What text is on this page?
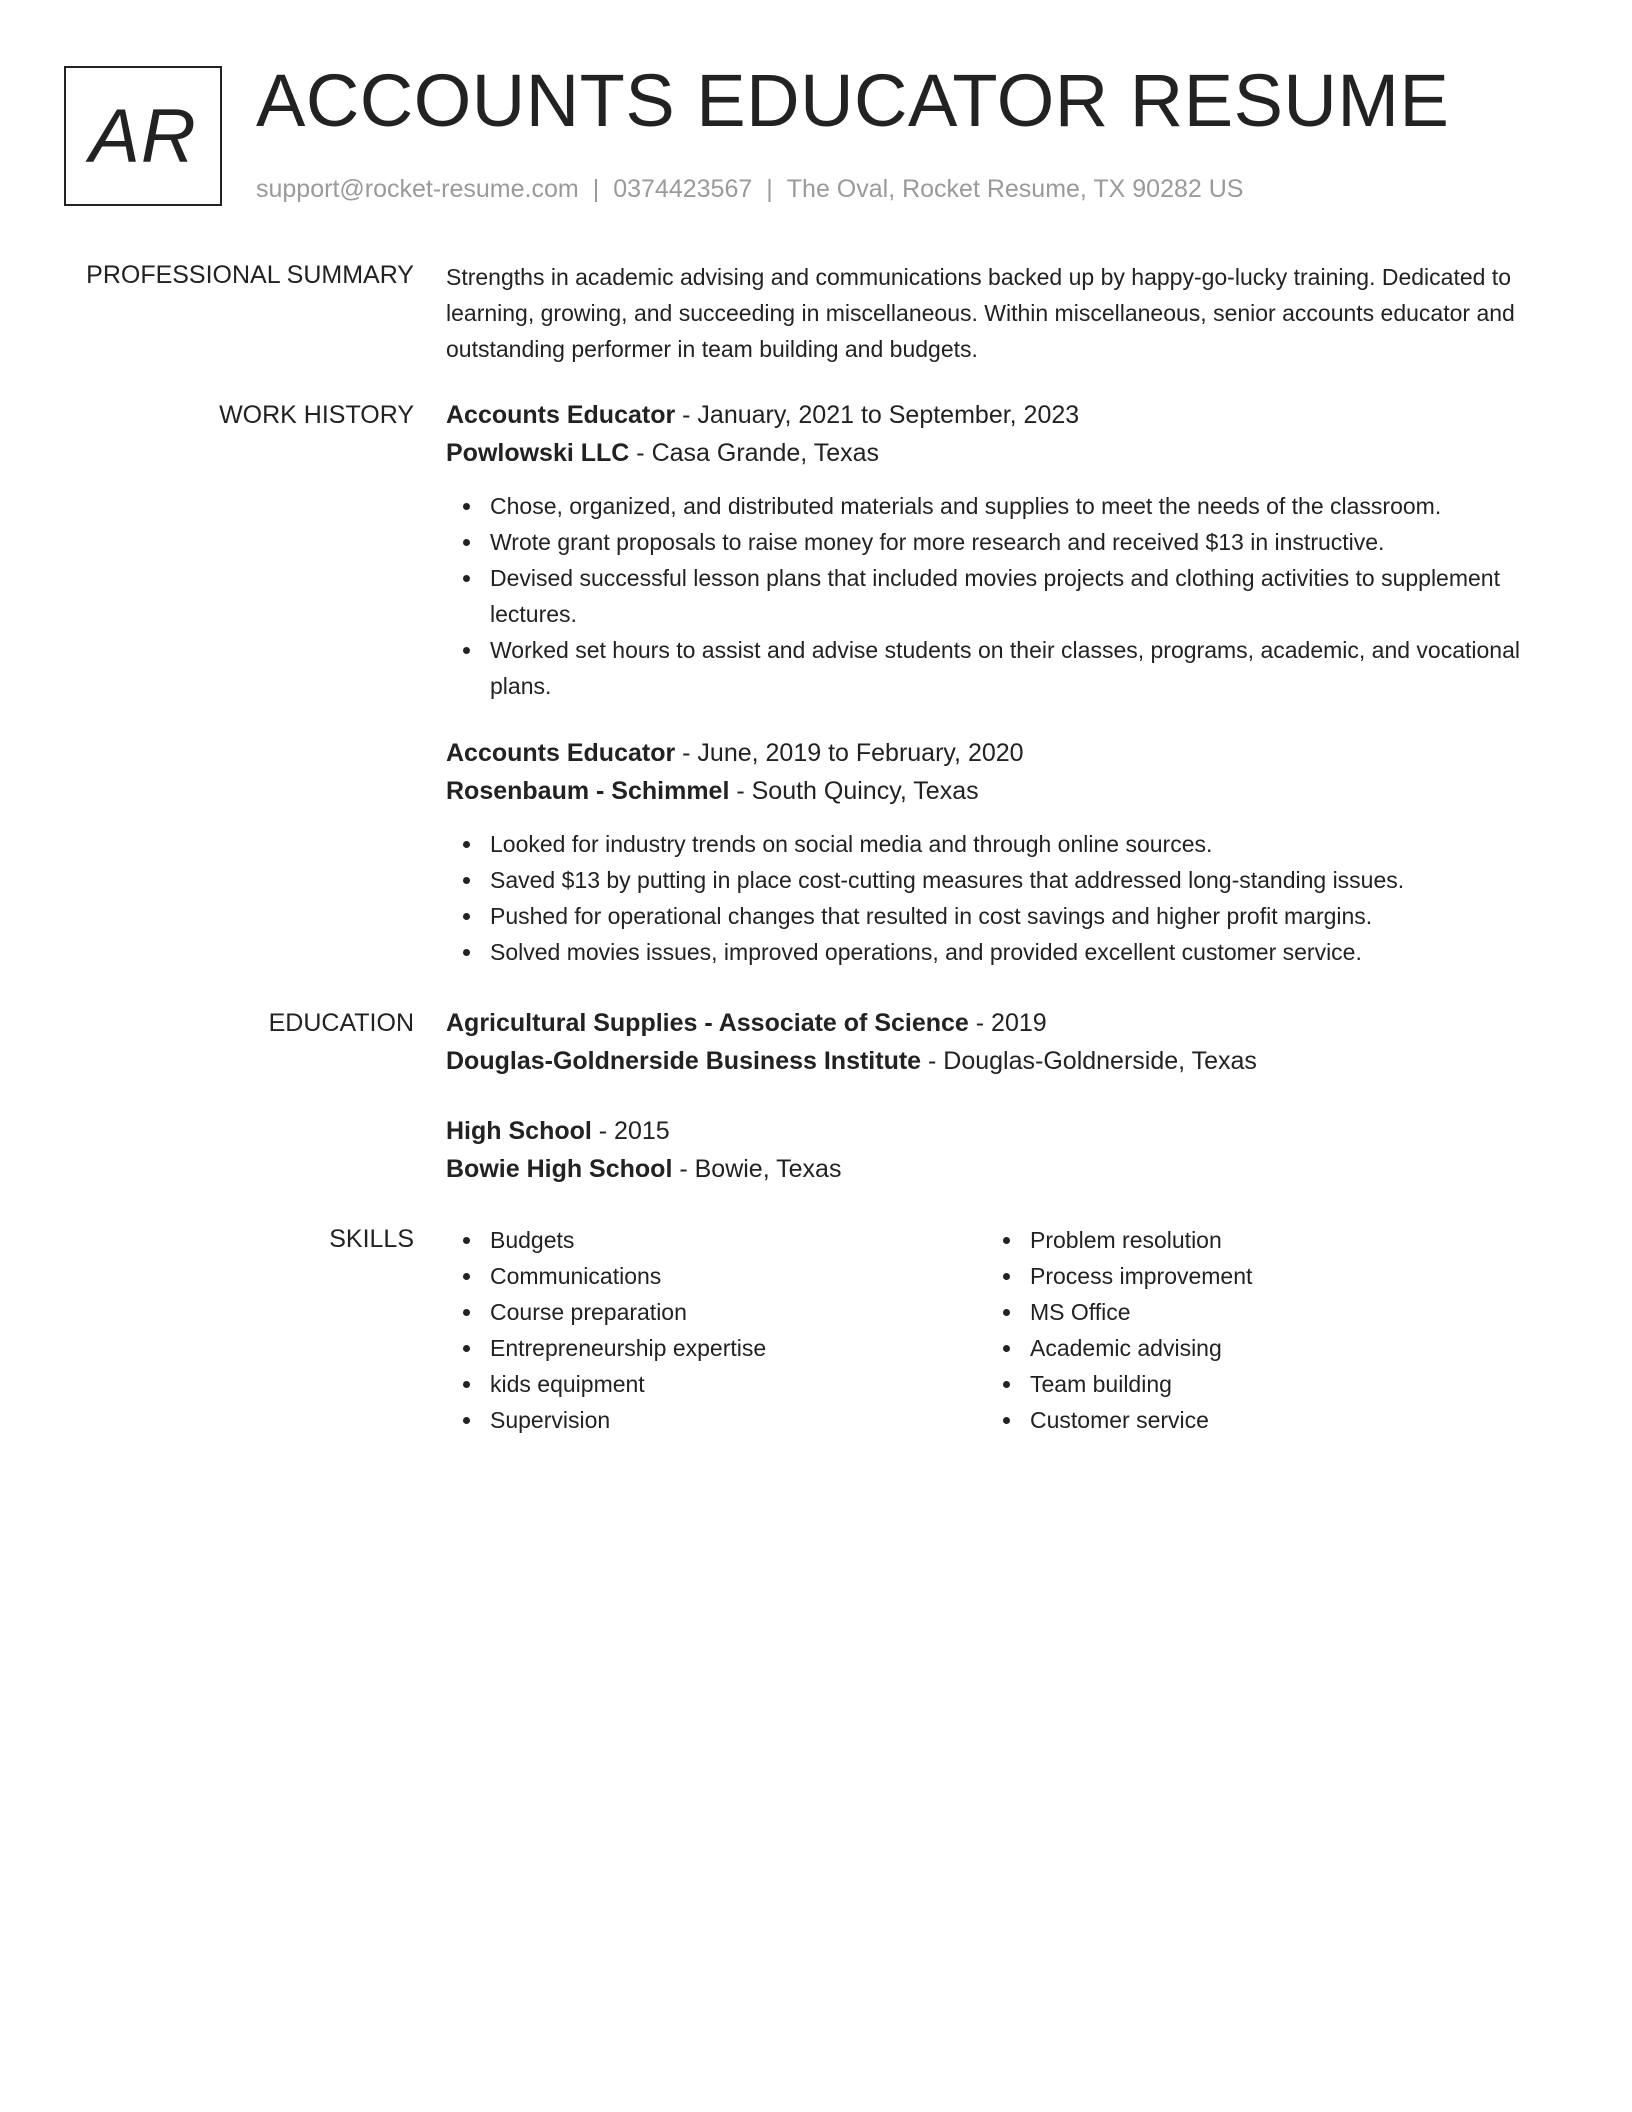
AR ACCOUNTS EDUCATOR RESUME
support@rocket-resume.com | 0374423567 | The Oval, Rocket Resume, TX 90282 US
PROFESSIONAL SUMMARY Strengths in academic advising and communications backed up by happy-go-lucky training. Dedicated to learning, growing, and succeeding in miscellaneous. Within miscellaneous, senior accounts educator and outstanding performer in team building and budgets.

WORK HISTORY Accounts Educator - January, 2021 to September, 2023
Powlowski LLC - Casa Grande, Texas
Chose, organized, and distributed materials and supplies to meet the needs of the classroom.
Wrote grant proposals to raise money for more research and received $13 in instructive.
Devised successful lesson plans that included movies projects and clothing activities to supplement lectures.
Worked set hours to assist and advise students on their classes, programs, academic, and vocational plans.
Accounts Educator - June, 2019 to February, 2020
Rosenbaum - Schimmel - South Quincy, Texas
Looked for industry trends on social media and through online sources.
Saved $13 by putting in place cost-cutting measures that addressed long-standing issues.
Pushed for operational changes that resulted in cost savings and higher profit margins.
Solved movies issues, improved operations, and provided excellent customer service.
EDUCATION Agricultural Supplies - Associate of Science - 2019
Douglas-Goldnerside Business Institute - Douglas-Goldnerside, Texas
High School - 2015
Bowie High School - Bowie, Texas
SKILLS	Budgets
Communications
Course preparation
Entrepreneurship expertise
kids equipment
Supervision
Problem resolution
Process improvement
MS Office
Academic advising
Team building
Customer service
